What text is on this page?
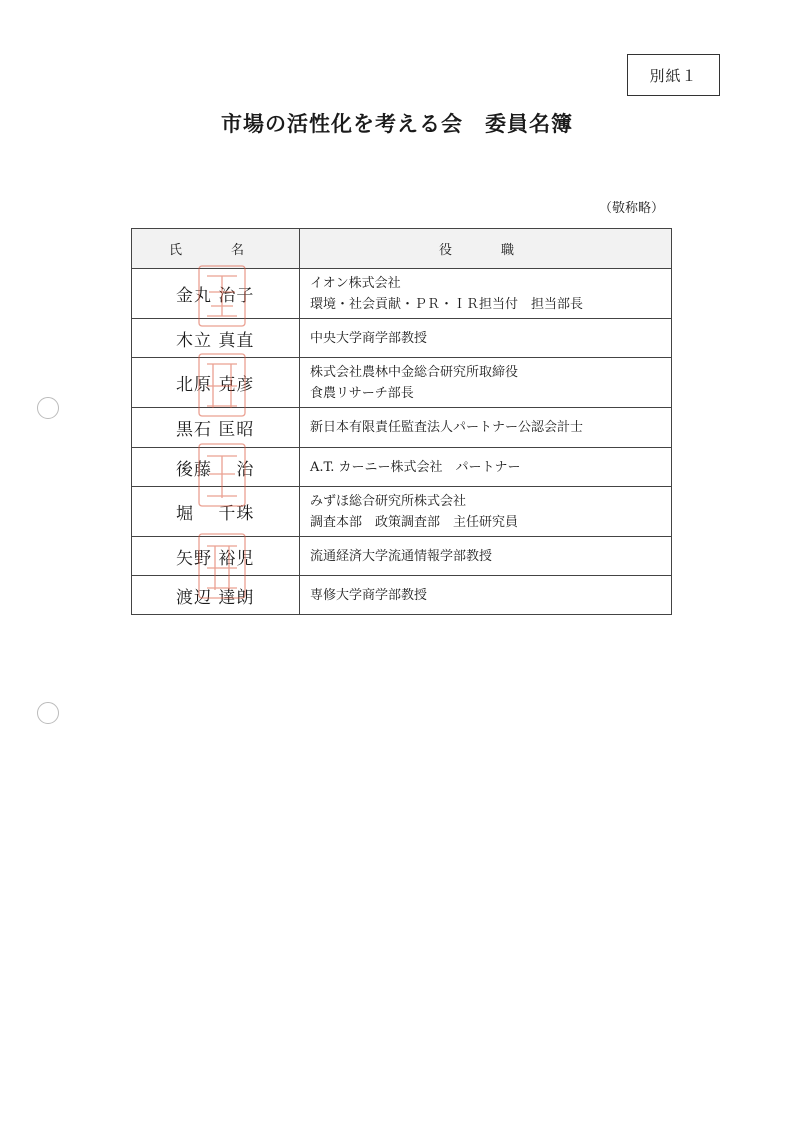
別紙１
市場の活性化を考える会　委員名簿
（敬称略）
氏　名	役　職
金丸 治子	イオン株式会社
環境・社会貢献・ＰＲ・ＩＲ担当付　担当部長

木立 真直	中央大学商学部教授

北原 克彦	株式会社農林中金総合研究所取締役
食農リサーチ部長

黒石 匡昭	新日本有限責任監査法人パートナー公認会計士

後藤 　治	A.T. カーニー株式会社　パートナー

堀　 千珠	みずほ総合研究所株式会社
調査本部　政策調査部　主任研究員

矢野 裕児	流通経済大学流通情報学部教授

渡辺 達朗	専修大学商学部教授
